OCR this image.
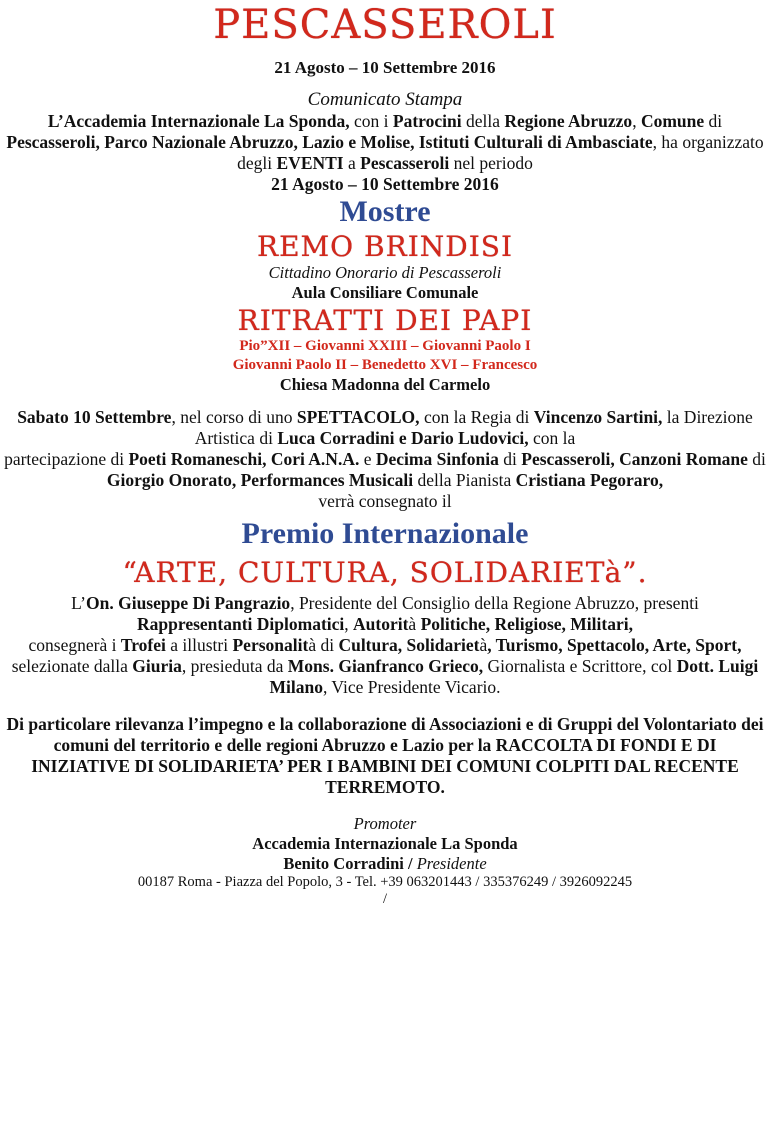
PESCASSEROLI
21 Agosto – 10 Settembre 2016
Comunicato Stampa
L’Accademia Internazionale La Sponda, con i Patrocini della Regione Abruzzo, Comune di Pescasseroli, Parco Nazionale Abruzzo, Lazio e Molise, Istituti Culturali di Ambasciate, ha organizzato degli EVENTI a Pescasseroli nel periodo
21 Agosto – 10 Settembre 2016
Mostre
REMO BRINDISI
Cittadino Onorario di Pescasseroli
Aula Consiliare Comunale
RITRATTI DEI PAPI
Pio”XII – Giovanni XXIII – Giovanni Paolo I
Giovanni Paolo II – Benedetto XVI – Francesco
Chiesa Madonna del Carmelo
Sabato 10 Settembre, nel corso di uno SPETTACOLO, con la Regia di Vincenzo Sartini, la Direzione Artistica di Luca Corradini e Dario Ludovici, con la
partecipazione di Poeti Romaneschi, Cori A.N.A. e Decima Sinfonia di Pescasseroli, Canzoni Romane di Giorgio Onorato, Performances Musicali della Pianista Cristiana Pegoraro,
verrà consegnato il
Premio Internazionale
“ARTE, CULTURA, SOLIDARIETà”.
L’On. Giuseppe Di Pangrazio, Presidente del Consiglio della Regione Abruzzo, presenti
Rappresentanti Diplomatici, Autorità Politiche, Religiose, Militari,
consegnerà i Trofei a illustri Personalità di Cultura, Solidarietà, Turismo, Spettacolo, Arte, Sport, selezionate dalla Giuria, presieduta da Mons. Gianfranco Grieco, Giornalista e Scrittore, col Dott. Luigi Milano, Vice Presidente Vicario.
Di particolare rilevanza l’impegno e la collaborazione di Associazioni e di Gruppi del Volontariato dei comuni del territorio e delle regioni Abruzzo e Lazio per la RACCOLTA DI FONDI E DI INIZIATIVE DI SOLIDARIETA’ PER I BAMBINI DEI COMUNI COLPITI DAL RECENTE TERREMOTO.
Promoter
Accademia Internazionale La Sponda
Benito Corradini / Presidente
00187 Roma - Piazza del Popolo, 3 - Tel. +39 063201443 / 335376249 / 3926092245
/
